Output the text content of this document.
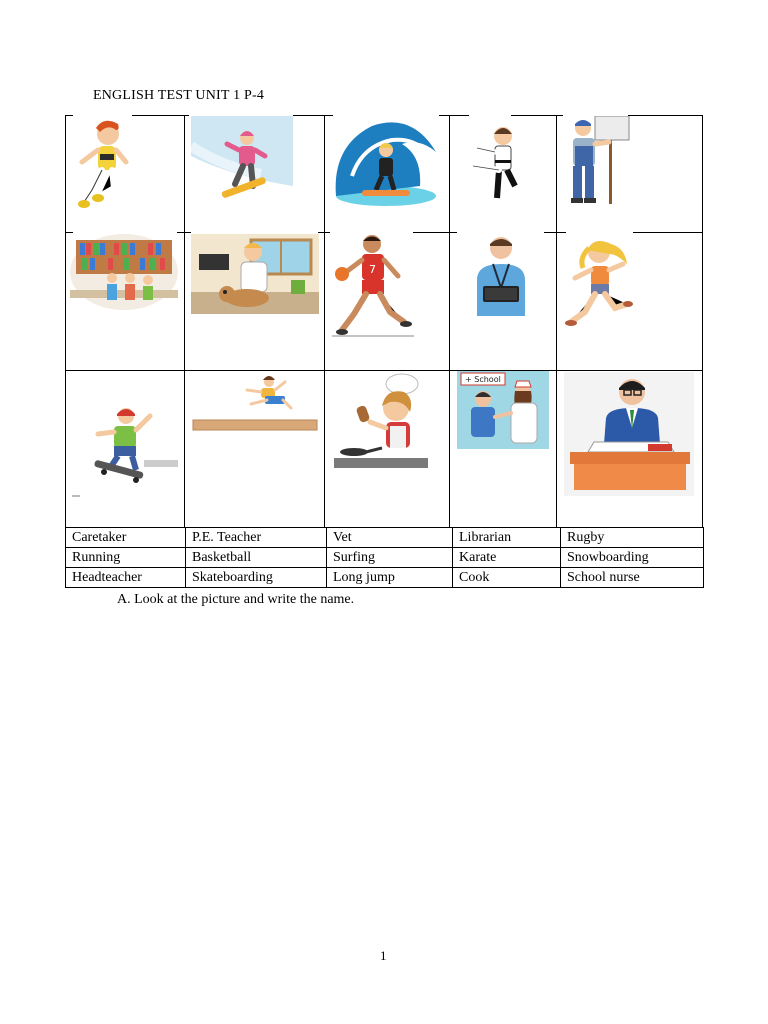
ENGLISH TEST UNIT 1 P-4
7
+ School
Caretaker	P.E. Teacher	Vet	Librarian	Rugby
Running	Basketball	Surfing	Karate	Snowboarding
Headteacher	Skateboarding	Long jump	Cook	School nurse
A. Look at the picture and write the name.
1
